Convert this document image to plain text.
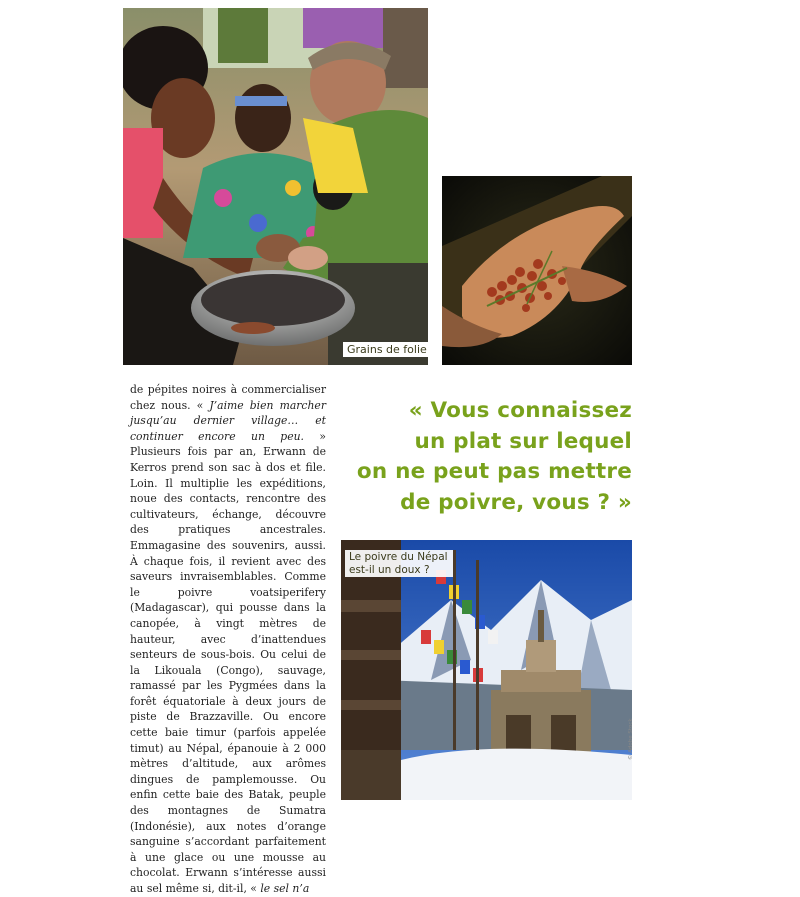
Grains de folie

de pépites noires à commercialiser chez nous. « J’aime bien marcher jusqu’au dernier village… et continuer encore un peu. » Plusieurs fois par an, Erwann de Kerros prend son sac à dos et file. Loin. Il multiplie les expéditions, noue des contacts, rencontre des cultivateurs, échange, découvre des pratiques ancestrales. Emmagasine des souvenirs, aussi. À chaque fois, il revient avec des saveurs invraisemblables. Comme le poivre voatsiperifery (Madagascar), qui pousse dans la canopée, à vingt mètres de hauteur, avec d’inattendues senteurs de sous-bois. Ou celui de la Likouala (Congo), sauvage, ramassé par les Pygmées dans la forêt équatoriale à deux jours de piste de Brazzaville. Ou encore cette baie timur (parfois appelée timut) au Népal, épanouie à 2 000 mètres d’altitude, aux arômes dingues de pamplemousse. Ou enfin cette baie des Batak, peuple des montagnes de Sumatra (Indonésie), aux notes d’orange sanguine s’accordant parfaitement à une glace ou une mousse au chocolat. Erwann s’intéresse aussi au sel même si, dit-il, « le sel n’a

« Vous connaissez
un plat sur lequel
on ne peut pas mettre
de poivre, vous ? »
Le poivre du Népal
est-il un doux ?
© Adobe Stock
